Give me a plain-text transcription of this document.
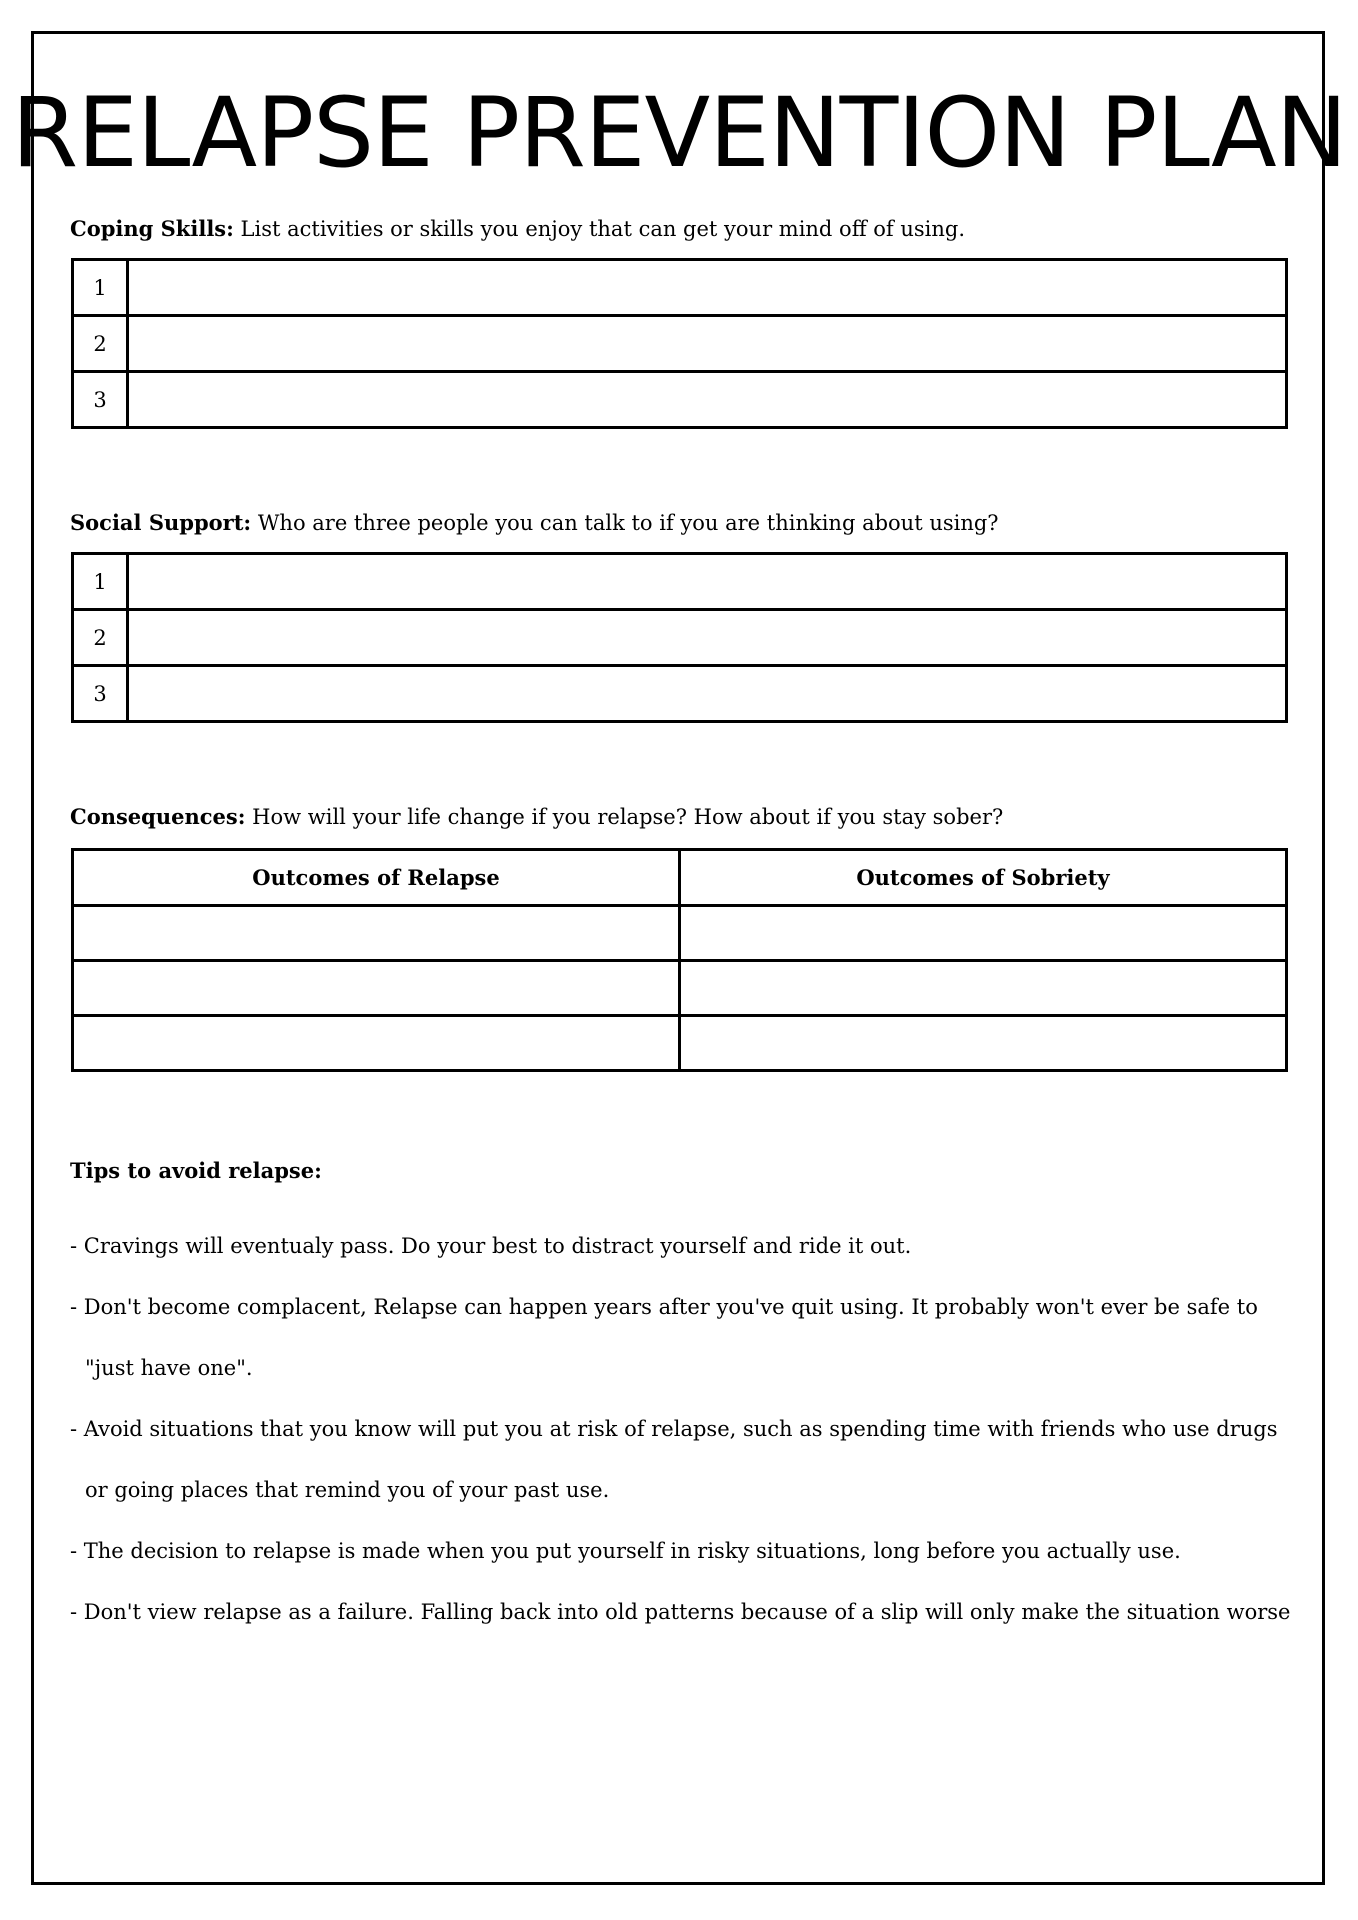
RELAPSE PREVENTION PLAN

Coping Skills: List activities or skills you enjoy that can get your mind off of using.

1	
2	
3	

Social Support: Who are three people you can talk to if you are thinking about using?

1	
2	
3	

Consequences: How will your life change if you relapse? How about if you stay sober?

Outcomes of Relapse	Outcomes of Sobriety

Tips to avoid relapse:

- Cravings will eventualy pass. Do your best to distract yourself and ride it out.
- Don't become complacent, Relapse can happen years after you've quit using. It probably won't ever be safe to "just have one".
- Avoid situations that you know will put you at risk of relapse, such as spending time with friends who use drugs or going places that remind you of your past use.
- The decision to relapse is made when you put yourself in risky situations, long before you actually use.
- Don't view relapse as a failure. Falling back into old patterns because of a slip will only make the situation worse
